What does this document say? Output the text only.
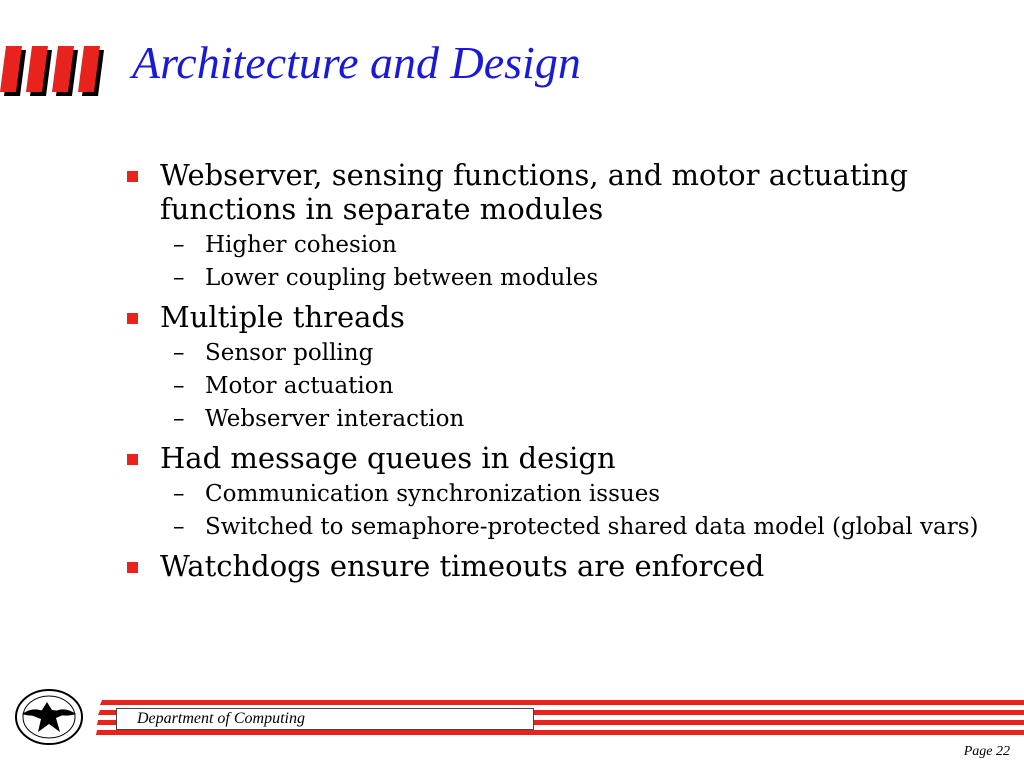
Architecture and Design
Webserver, sensing functions, and motor actuating functions in separate modules
– Higher cohesion
– Lower coupling between modules
Multiple threads
– Sensor polling
– Motor actuation
– Webserver interaction
Had message queues in design
– Communication synchronization issues
– Switched to semaphore-protected shared data model (global vars)
Watchdogs ensure timeouts are enforced
Department of Computing
Page 22
